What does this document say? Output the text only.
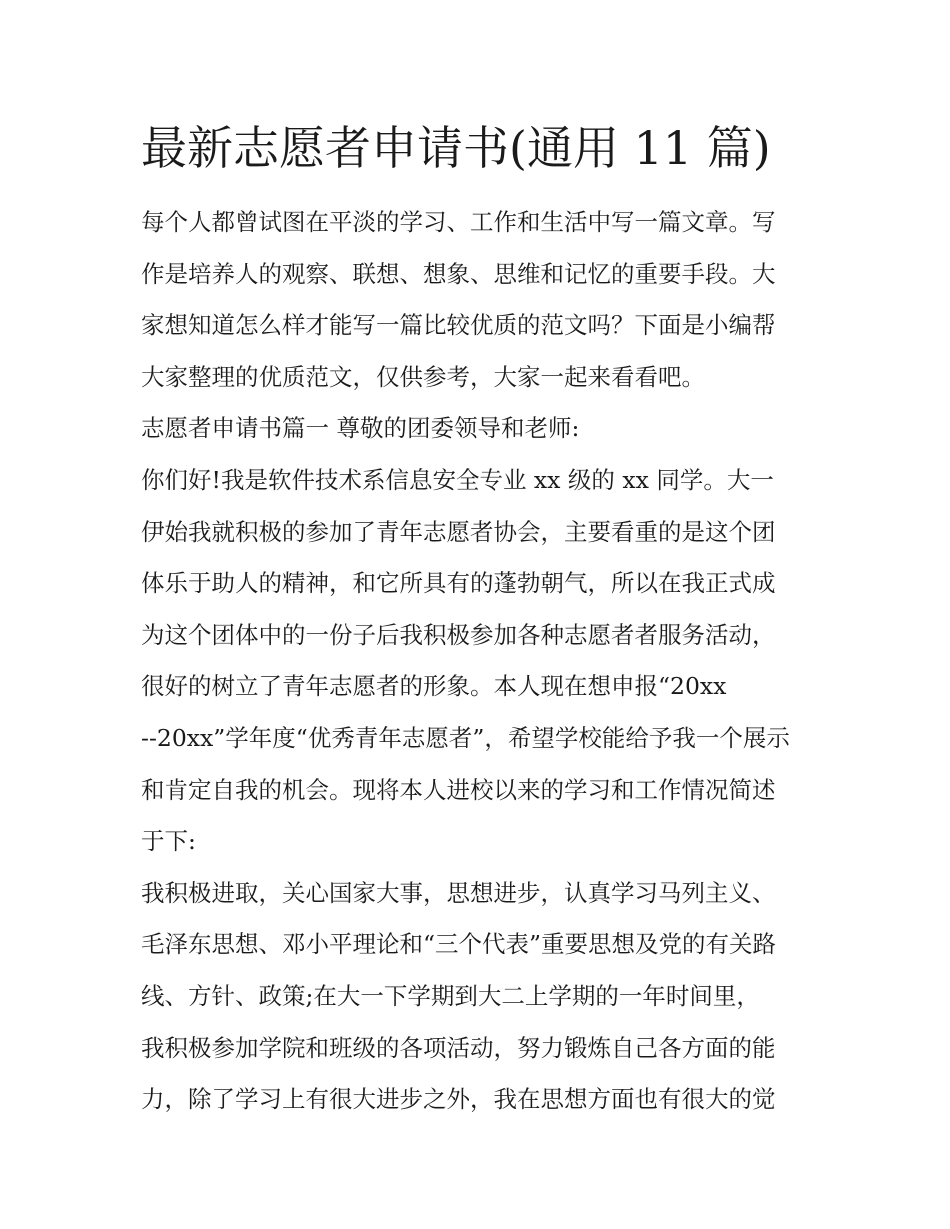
最新志愿者申请书(通用 11 篇)
每个人都曾试图在平淡的学习、工作和生活中写一篇文章。写
作是培养人的观察、联想、想象、思维和记忆的重要手段。大
家想知道怎么样才能写一篇比较优质的范文吗？下面是小编帮
大家整理的优质范文，仅供参考，大家一起来看看吧。
志愿者申请书篇一 尊敬的团委领导和老师:
你们好!我是软件技术系信息安全专业 xx 级的 xx 同学。大一
伊始我就积极的参加了青年志愿者协会，主要看重的是这个团
体乐于助人的精神，和它所具有的蓬勃朝气，所以在我正式成
为这个团体中的一份子后我积极参加各种志愿者者服务活动，
很好的树立了青年志愿者的形象。本人现在想申报“20xx
--20xx”学年度“优秀青年志愿者”，希望学校能给予我一个展示
和肯定自我的机会。现将本人进校以来的学习和工作情况简述
于下:
我积极进取，关心国家大事，思想进步，认真学习马列主义、
毛泽东思想、邓小平理论和“三个代表”重要思想及党的有关路
线、方针、政策;在大一下学期到大二上学期的一年时间里，
我积极参加学院和班级的各项活动，努力锻炼自己各方面的能
力，除了学习上有很大进步之外，我在思想方面也有很大的觉
